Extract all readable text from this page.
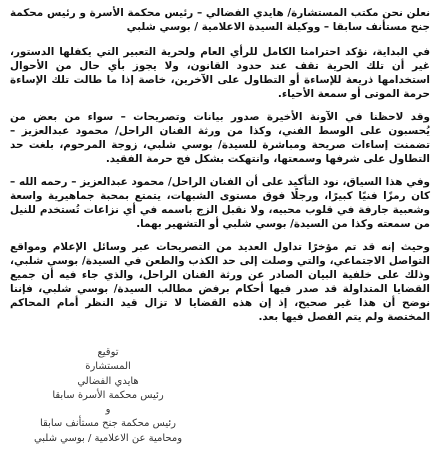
نعلن نحن مكتب المستشارة/ هايدي الفضالي – رئيس محكمة الأسرة و رئيس محكمة جنح مستأنف سابقا – ووكيلة السيدة الاعلامية / بوسي شلبي

في البداية، نؤكد احترامنا الكامل للرأي العام ولحرية التعبير التي يكفلها الدستور، غير أن تلك الحرية تقف عند حدود القانون، ولا يجوز بأي حال من الأحوال استخدامها ذريعة للإساءة أو التطاول على الآخرين، خاصة إذا ما طالت تلك الإساءة حرمة الموتى أو سمعة الأحياء.

وقد لاحظنا في الآونة الأخيرة صدور بيانات وتصريحات – سواء من بعض من يُحسبون على الوسط الفني، وكذا من ورثة الفنان الراحل/ محمود عبدالعزيز – تضمنت إساءات صريحة ومباشرة للسيدة/ بوسي شلبي، زوجة المرحوم، بلغت حد التطاول على شرفها وسمعتها، وانتهكت بشكل فج حرمة الفقيد.

وفي هذا السياق، نود التأكيد على أن الفنان الراحل/ محمود عبدالعزيز – رحمه الله – كان رمزًا فنيًا كبيرًا، ورجلًا فوق مستوى الشبهات، يتمتع بمحبة جماهيرية واسعة وشعبية جارفة في قلوب محبيه، ولا نقبل الزج باسمه في أي نزاعات تُستخدم للنيل من سمعته وكذا من السيدة/ بوسي شلبي أو التشهير بهما.

وحيث إنه قد تم مؤخرًا تداول العديد من التصريحات عبر وسائل الإعلام ومواقع التواصل الاجتماعي، والتي وصلت إلى حد الكذب والطعن في السيدة/ بوسي شلبي، وذلك على خلفية البيان الصادر عن ورثة الفنان الراحل، والذي جاء فيه أن جميع القضايا المتداولة قد صدر فيها أحكام برفض مطالب السيدة/ بوسي شلبي، فإننا نوضح أن هذا غير صحيح، إذ إن هذه القضايا لا تزال قيد النظر أمام المحاكم المختصة ولم يتم الفصل فيها بعد.

توقيع
المستشارة
هايدي الفضالي
رئيس محكمة الأسرة سابقا
و
رئيس محكمة جنح مستأنف سابقا
ومحامية عن الاعلامية / بوسي شلبي
